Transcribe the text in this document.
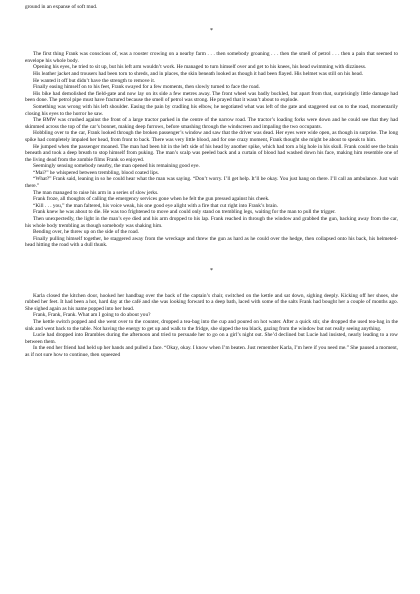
ground in an expanse of soft mud.

*

The first thing Frank was conscious of, was a rooster crowing on a nearby farm . . . then somebody groaning . . . then the smell of petrol . . . then a pain that seemed to envelope his whole body.

Opening his eyes, he tried to sit up, but his left arm wouldn’t work. He managed to turn himself over and get to his knees, his head swimming with dizziness.

His leather jacket and trousers had been torn to shreds, and in places, the skin beneath looked as though it had been flayed. His helmet was still on his head.

He wanted it off but didn’t have the strength to remove it.

Finally easing himself on to his feet, Frank swayed for a few moments, then slowly turned to face the road.

His bike had demolished the field-gate and now lay on its side a few metres away. The front wheel was badly buckled, but apart from that, surprisingly little damage had been done. The petrol pipe must have fractured because the smell of petrol was strong. He prayed that it wasn’t about to explode.

Something was wrong with his left shoulder. Easing the pain by cradling his elbow, he negotiated what was left of the gate and staggered out on to the road, momentarily closing his eyes to the horror he saw.

The BMW was crushed against the front of a large tractor parked in the centre of the narrow road. The tractor’s loading forks were down and he could see that they had skimmed across the top of the car’s bonnet, making deep furrows, before smashing through the windscreen and impaling the two occupants.

Hobbling over to the car, Frank looked through the broken passenger’s window and saw that the driver was dead. Her eyes were wide open, as though in surprise. The long spike had completely impaled her head, from front to back. There was very little blood, and for one crazy moment, Frank thought she might be about to speak to him.

He jumped when the passenger moaned. The man had been hit in the left side of his head by another spike, which had torn a big hole in his skull. Frank could see the brain beneath and took a deep breath to stop himself from puking. The man’s scalp was peeled back and a curtain of blood had washed down his face, making him resemble one of the living dead from the zombie films Frank so enjoyed.

Seemingly sensing somebody nearby, the man opened his remaining good eye.

“Mai?” he whispered between trembling, blood coated lips.

“What?” Frank said, leaning in so he could hear what the man was saying. “Don’t worry. I’ll get help. It’ll be okay. You just hang on there. I’ll call an ambulance. Just wait there.”

The man managed to raise his arm in a series of slow jerks.

Frank froze, all thoughts of calling the emergency services gone when he felt the gun pressed against his cheek.

“Kill . . . you,” the man faltered, his voice weak, his one good eye alight with a fire that cut right into Frank’s brain.

Frank knew he was about to die. He was too frightened to move and could only stand on trembling legs, waiting for the man to pull the trigger.

Then unexpectedly, the light in the man’s eye died and his arm dropped to his lap. Frank reached in through the window and grabbed the gun, backing away from the car, his whole body trembling as though somebody was shaking him.

Bending over, he threw up on the side of the road.

Finally pulling himself together, he staggered away from the wreckage and threw the gun as hard as he could over the hedge, then collapsed onto his back, his helmeted-head hitting the road with a dull thunk.

*

Karla closed the kitchen door, hooked her handbag over the back of the captain’s chair, switched on the kettle and sat down, sighing deeply. Kicking off her shoes, she rubbed her feet. It had been a hot, hard day at the café and she was looking forward to a deep bath, laced with some of the salts Frank had bought her a couple of months ago. She sighed again as his name popped into her head.

Frank, Frank, Frank. What am I going to do about you?

The kettle switch popped and she went over to the counter, dropped a tea-bag into the cup and poured on hot water. After a quick stir, she dropped the used tea-bag in the sink and went back to the table. Not having the energy to get up and walk to the fridge, she sipped the tea black, gazing from the window but not really seeing anything.

Lucie had dropped into Brambles during the afternoon and tried to persuade her to go on a girl’s night out. She’d declined but Lucie had insisted, nearly leading to a row between them.

In the end her friend had held up her hands and pulled a face. “Okay, okay. I know when I’m beaten. Just remember Karla, I’m here if you need me.” She paused a moment, as if not sure how to continue, then squeezed
